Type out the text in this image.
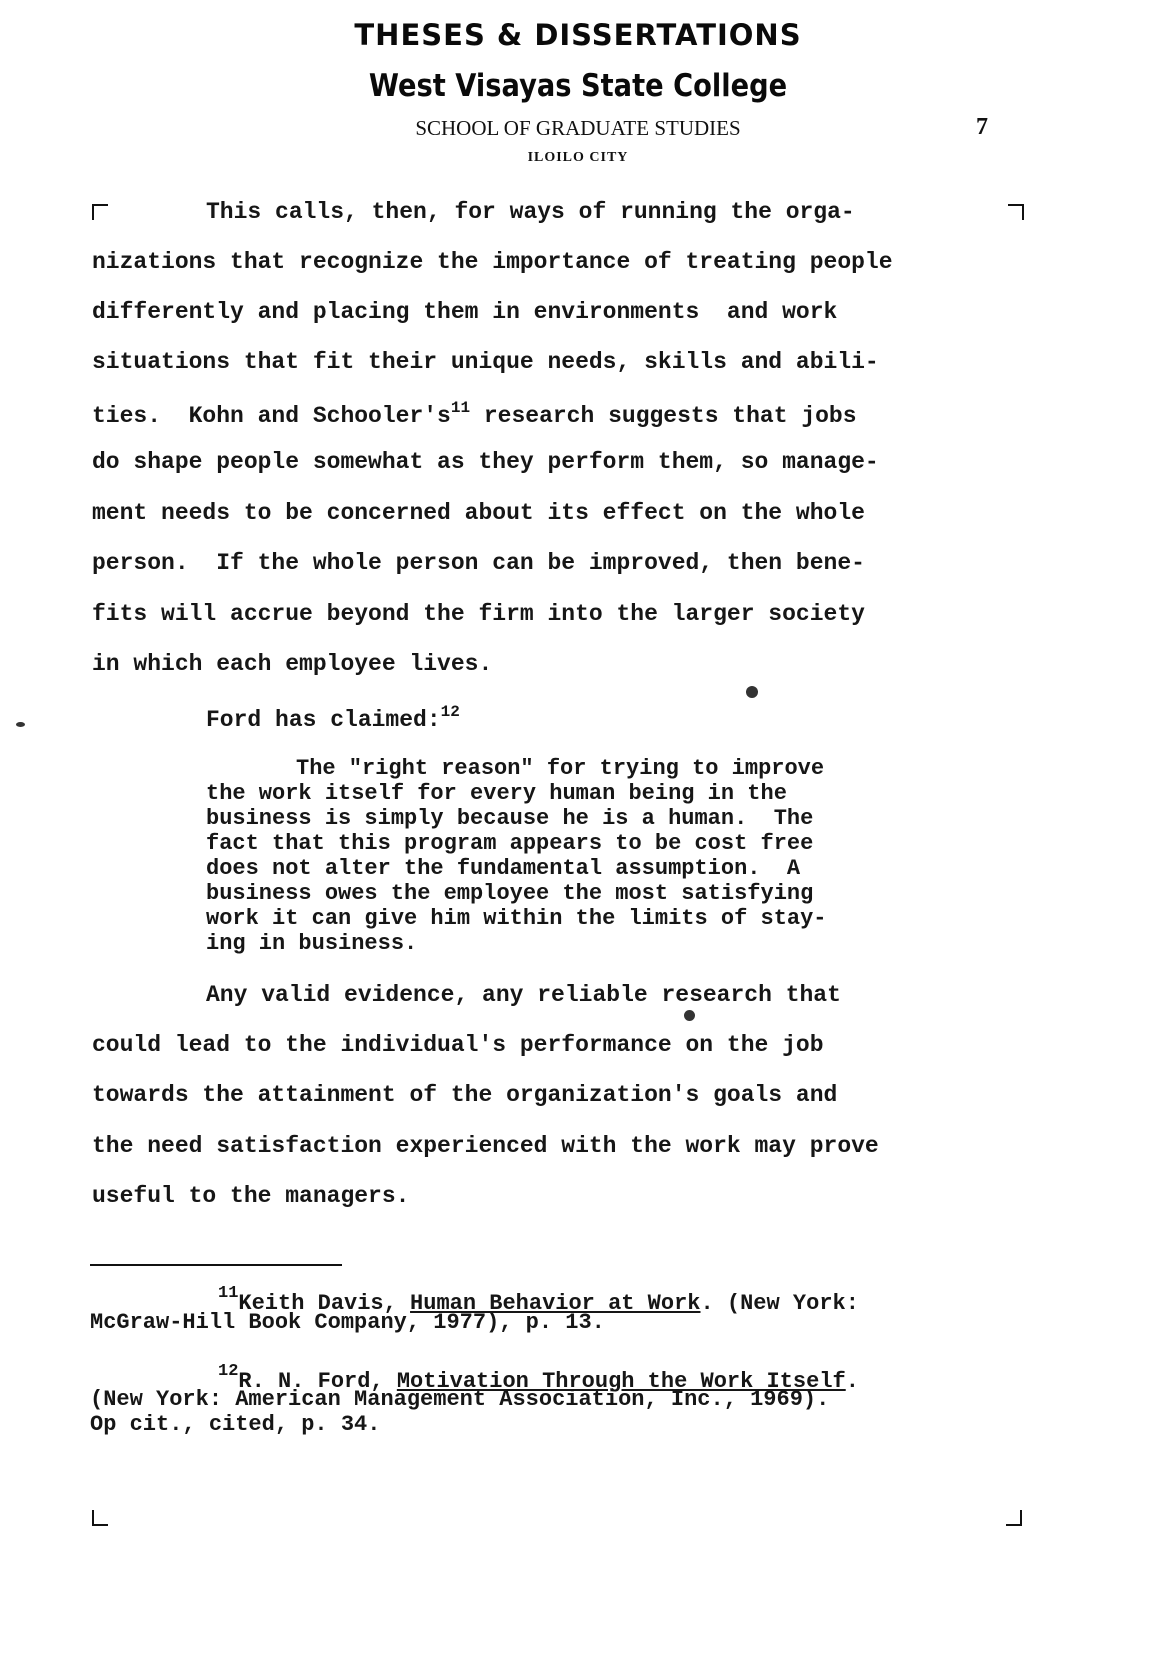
THESES & DISSERTATIONS
West Visayas State College
SCHOOL OF GRADUATE STUDIES
ILOILO CITY
7
This calls, then, for ways of running the orga-
nizations that recognize the importance of treating people
differently and placing them in environments  and work
situations that fit their unique needs, skills and abili-
ties.  Kohn and $Schooler's^{11}$ research suggests that jobs
do shape people somewhat as they perform them, so manage-
ment needs to be concerned about its effect on the whole
person.  If the whole person can be improved, then bene-
fits will accrue beyond the firm into the larger society
in which each employee lives.
Ford has claimed:$^{12}$
The "right reason" for trying to improve
the work itself for every human being in the
business is simply because he is a human.  The
fact that this program appears to be cost free
does not alter the fundamental assumption.  A
business owes the employee the most satisfying
work it can give him within the limits of stay-
ing in business.
Any valid evidence, any reliable research that
could lead to the individual's performance on the job
towards the attainment of the organization's goals and
the need satisfaction experienced with the work may prove
useful to the managers.
$^{11}$Keith Davis, Human Behavior at Work. (New York:
McGraw-Hill Book Company, 1977), p. 13.
$^{12}$R. N. Ford, Motivation Through the Work Itself.
(New York: American Management Association, Inc., 1969).
Op cit., cited, p. 34.
